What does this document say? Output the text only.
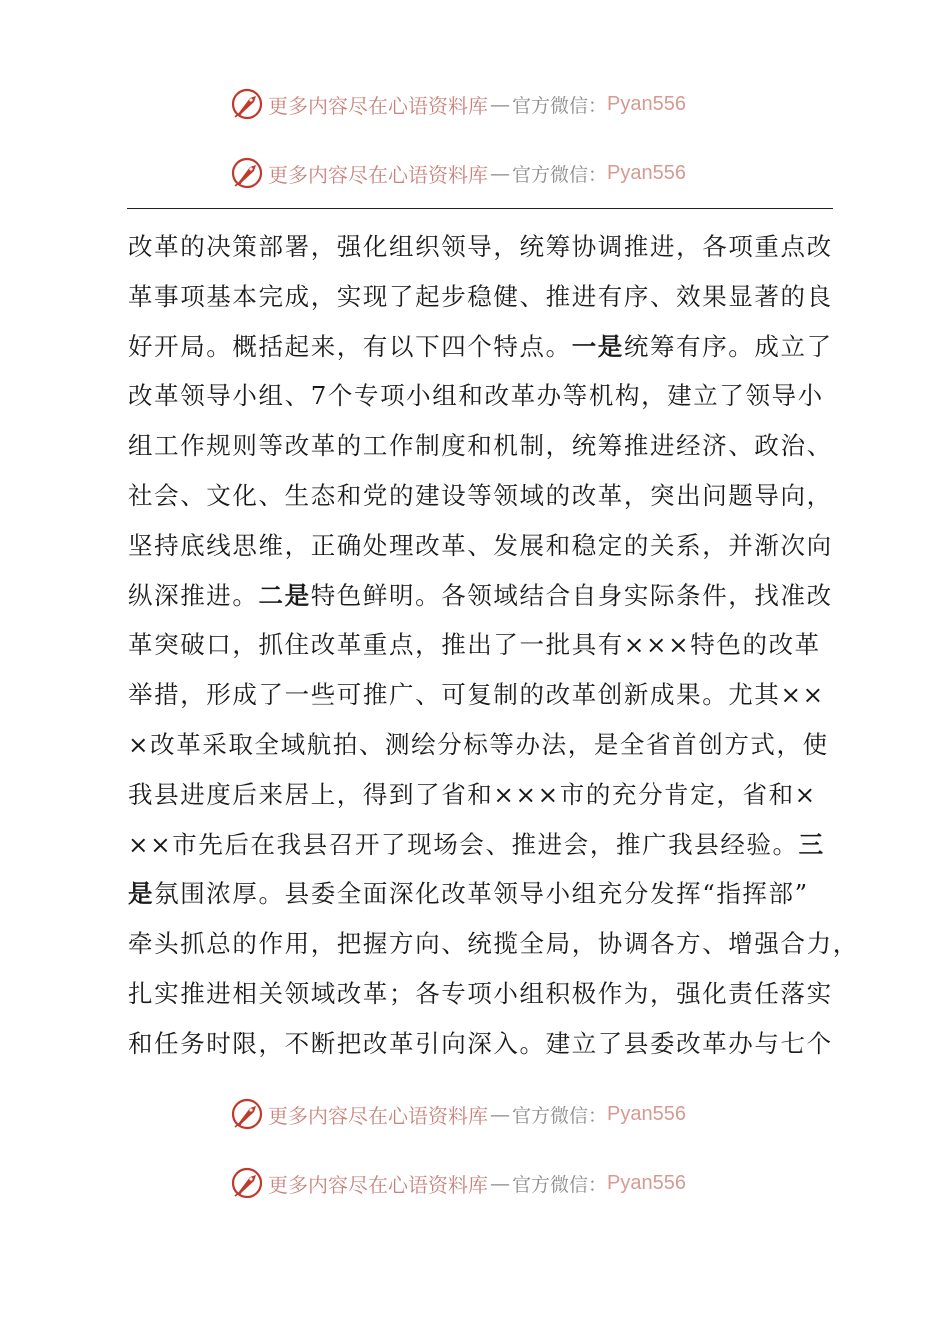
更多内容尽在心语资料库 — 官方微信： Pyan556
更多内容尽在心语资料库 — 官方微信： Pyan556
改革的决策部署，强化组织领导，统筹协调推进，各项重点改
革事项基本完成，实现了起步稳健、推进有序、效果显著的良
好开局。概括起来，有以下四个特点。一是统筹有序。成立了
改革领导小组、7个专项小组和改革办等机构，建立了领导小
组工作规则等改革的工作制度和机制，统筹推进经济、政治、
社会、文化、生态和党的建设等领域的改革，突出问题导向，
坚持底线思维，正确处理改革、发展和稳定的关系，并渐次向
纵深推进。二是特色鲜明。各领域结合自身实际条件，找准改
革突破口，抓住改革重点，推出了一批具有×××特色的改革
举措，形成了一些可推广、可复制的改革创新成果。尤其××
×改革采取全域航拍、测绘分标等办法，是全省首创方式，使
我县进度后来居上，得到了省和×××市的充分肯定，省和×
××市先后在我县召开了现场会、推进会，推广我县经验。三
是氛围浓厚。县委全面深化改革领导小组充分发挥“指挥部”
牵头抓总的作用，把握方向、统揽全局，协调各方、增强合力，
扎实推进相关领域改革；各专项小组积极作为，强化责任落实
和任务时限，不断把改革引向深入。建立了县委改革办与七个
更多内容尽在心语资料库 — 官方微信： Pyan556
更多内容尽在心语资料库 — 官方微信： Pyan556
